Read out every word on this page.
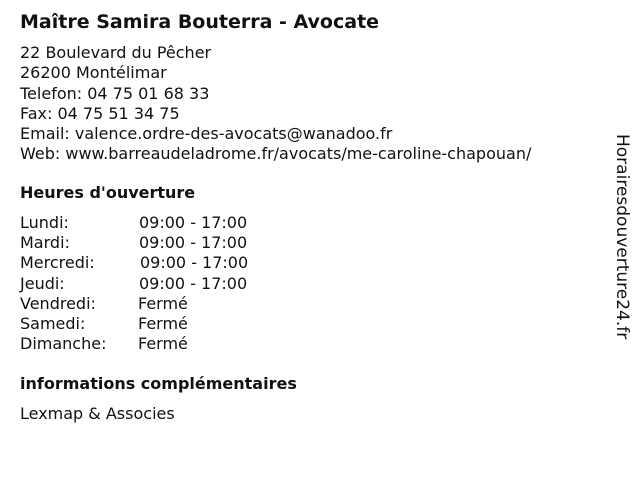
Maître Samira Bouterra - Avocate
22 Boulevard du Pêcher
26200 Montélimar
Telefon: 04 75 01 68 33
Fax: 04 75 51 34 75
Email: valence.ordre-des-avocats@wanadoo.fr
Web: www.barreaudeladrome.fr/avocats/me-caroline-chapouan/
Heures d'ouverture
Lundi:	09:00 - 17:00
Mardi:	09:00 - 17:00
Mercredi:	09:00 - 17:00
Jeudi:	09:00 - 17:00
Vendredi:	Fermé
Samedi:	Fermé
Dimanche: Fermé
informations complémentaires
Lexmap & Associes
Horairesdouverture24.fr
